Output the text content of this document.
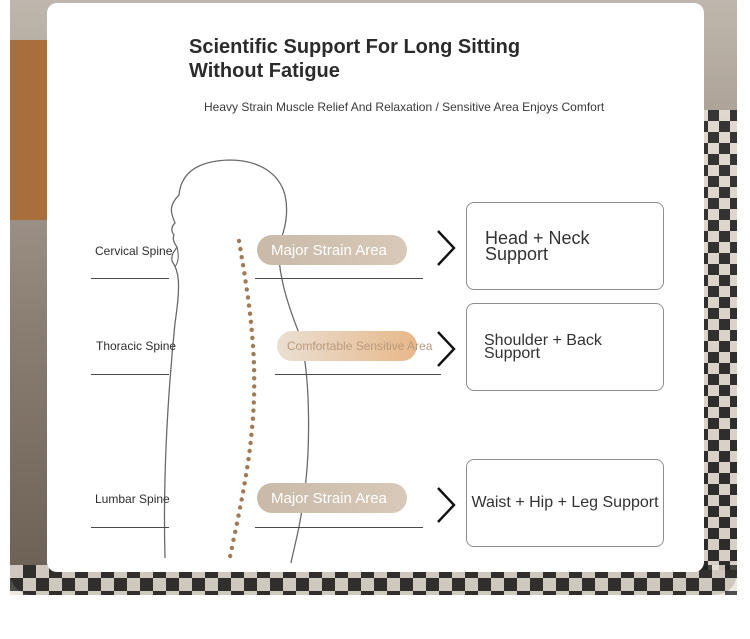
Scientific Support For Long Sitting
Without Fatigue
Heavy Strain Muscle Relief And Relaxation / Sensitive Area Enjoys Comfort
Cervical Spine
Thoracic Spine
Lumbar Spine
Major Strain Area
Comfortable Sensitive Area
Major Strain Area
Head + Neck
Support
Shoulder + Back
Support
Waist + Hip + Leg Support
